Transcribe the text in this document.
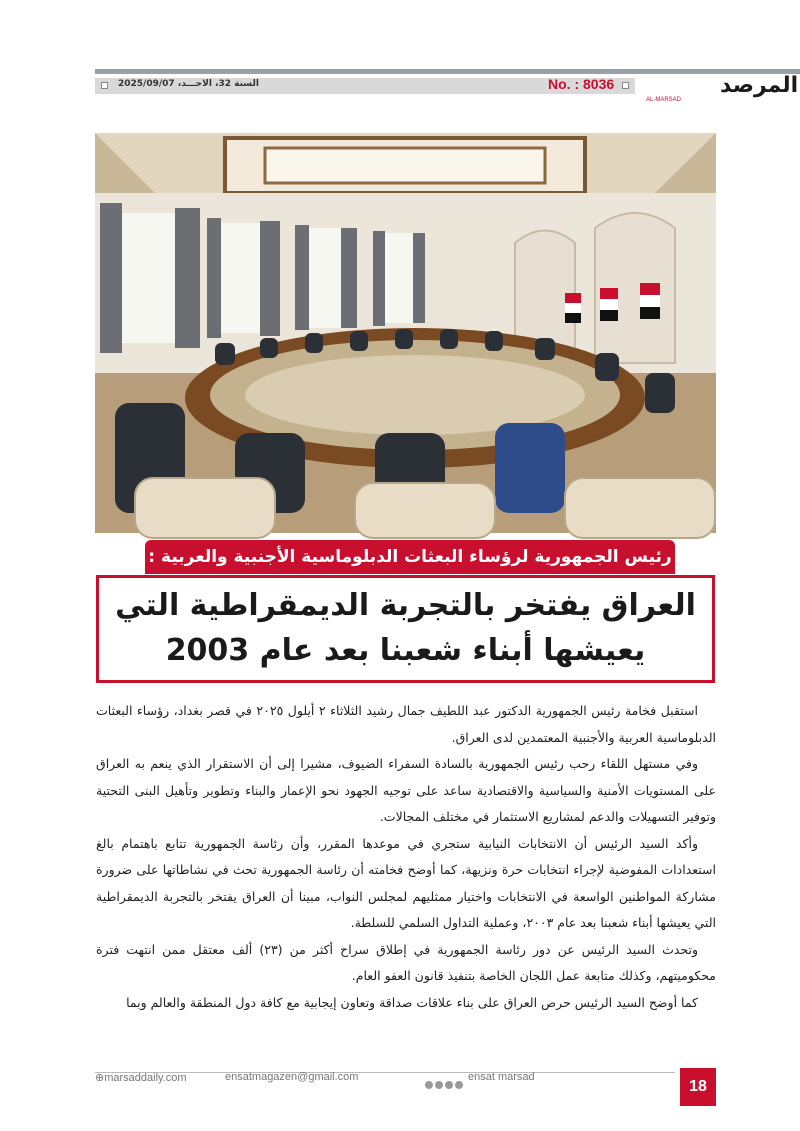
السنة 32، الاحـــد، 2025/09/07	No. : 8036	المرصد
AL-MARSAD
رئيس الجمهورية لرؤساء البعثات الدبلوماسية الأجنبية والعربية :
العراق يفتخر بالتجربة الديمقراطية التي
يعيشها أبناء شعبنا بعد عام 2003

استقبل فخامة رئيس الجمهورية الدكتور عبد اللطيف جمال رشيد الثلاثاء ٢ أيلول ٢٠٢٥ في قصر بغداد، رؤساء البعثات الدبلوماسية العربية والأجنبية المعتمدين لدى العراق.

وفي مستهل اللقاء رحب رئيس الجمهورية بالسادة السفراء الضيوف، مشيرا إلى أن الاستقرار الذي ينعم به العراق على المستويات الأمنية والسياسية والاقتصادية ساعد على توجيه الجهود نحو الإعمار والبناء وتطوير وتأهيل البنى التحتية وتوفير التسهيلات والدعم لمشاريع الاستثمار في مختلف المجالات.

وأكد السيد الرئيس أن الانتخابات النيابية ستجري في موعدها المقرر، وأن رئاسة الجمهورية تتابع باهتمام بالغ استعدادات المفوضية لإجراء انتخابات حرة ونزيهة، كما أوضح فخامته أن رئاسة الجمهورية تحث في نشاطاتها على ضرورة مشاركة المواطنين الواسعة في الانتخابات واختيار ممثليهم لمجلس النواب، مبينا أن العراق يفتخر بالتجربة الديمقراطية التي يعيشها أبناء شعبنا بعد عام ٢٠٠٣، وعملية التداول السلمي للسلطة.

وتحدث السيد الرئيس عن دور رئاسة الجمهورية في إطلاق سراح أكثر من (٢٣) ألف معتقل ممن انتهت فترة محكوميتهم، وكذلك متابعة عمل اللجان الخاصة بتنفيذ قانون العفو العام.

كما أوضح السيد الرئيس حرص العراق على بناء علاقات صداقة وتعاون إيجابية مع كافة دول المنطقة والعالم وبما

⊕marsaddaily.com	ensatmagazen@gmail.com	ensat marsad
18
